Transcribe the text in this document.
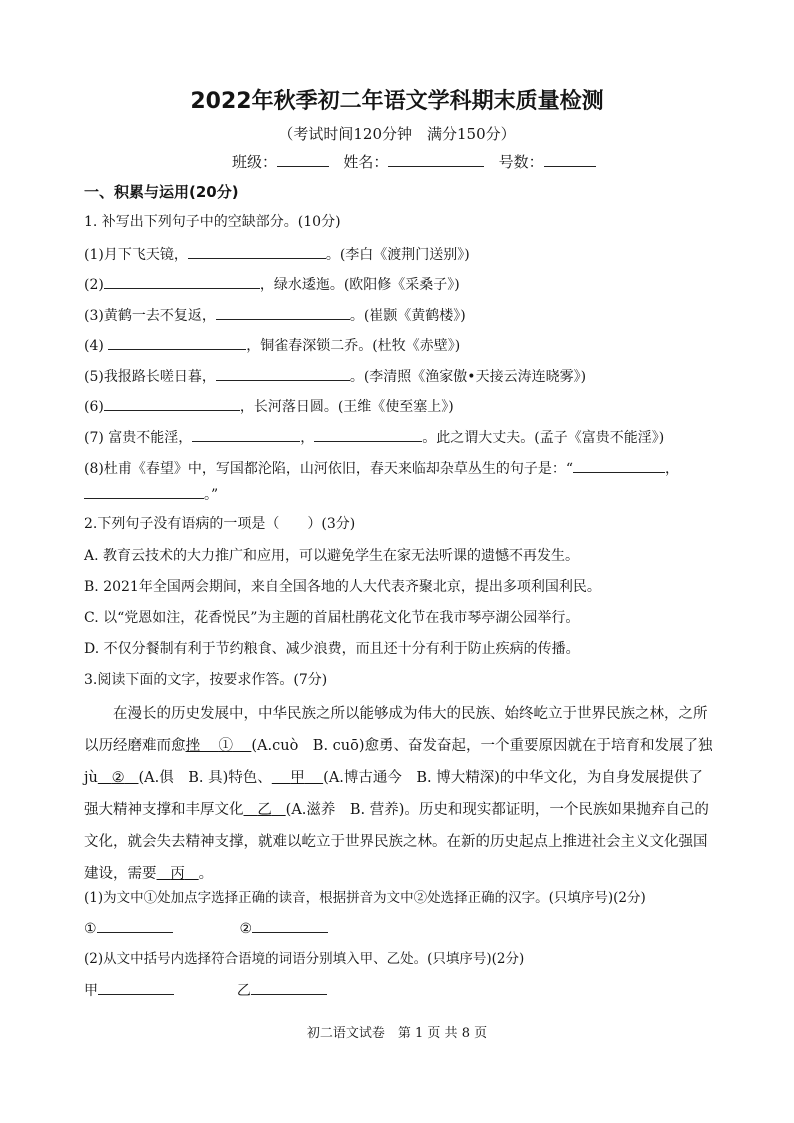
2022年秋季初二年语文学科期末质量检测
（考试时间120分钟　满分150分）
班级：	姓名：	号数：
一、积累与运用(20分)
1. 补写出下列句子中的空缺部分。(10分)
(1)月下飞天镜，	。(李白《渡荆门送别》)
(2)	，绿水逶迤。(欧阳修《采桑子》)
(3)黄鹤一去不复返，	。(崔颢《黄鹤楼》)
(4)	，铜雀春深锁二乔。(杜牧《赤壁》)
(5)我报路长嗟日暮，	。(李清照《渔家傲•天接云涛连晓雾》)
(6)	，长河落日圆。(王维《使至塞上》)
(7) 富贵不能淫，	，	。此之谓大丈夫。(孟子《富贵不能淫》)
(8)杜甫《春望》中，写国都沦陷，山河依旧，春天来临却杂草丛生的句子是：“	，
。”
2.下列句子没有语病的一项是（　　）(3分)
A. 教育云技术的大力推广和应用，可以避免学生在家无法听课的遗憾不再发生。
B. 2021年全国两会期间，来自全国各地的人大代表齐聚北京，提出多项利国利民。
C. 以“党恩如注，花香悦民”为主题的首届杜鹃花文化节在我市琴亭湖公园举行。
D. 不仅分餐制有利于节约粮食、减少浪费，而且还十分有利于防止疾病的传播。
3.阅读下面的文字，按要求作答。(7分)
在漫长的历史发展中，中华民族之所以能够成为伟大的民族、始终屹立于世界民族之林，之所以历经磨难而愈挫 ① (A.cuò　B. cuō)愈勇、奋发奋起，一个重要原因就在于培育和发展了独 jù ② (A.俱　B. 具)特色、 甲 (A.博古通今　B. 博大精深)的中华文化，为自身发展提供了强大精神支撑和丰厚文化 乙 (A.滋养　B. 营养)。历史和现实都证明，一个民族如果抛弃自己的文化，就会失去精神支撑，就难以屹立于世界民族之林。在新的历史起点上推进社会主义文化强国建设，需要 丙 。
(1)为文中①处加点字选择正确的读音，根据拼音为文中②处选择正确的汉字。(只填序号)(2分)
①	②
(2)从文中括号内选择符合语境的词语分别填入甲、乙处。(只填序号)(2分)
甲	乙
初二语文试卷　第 1 页 共 8 页
